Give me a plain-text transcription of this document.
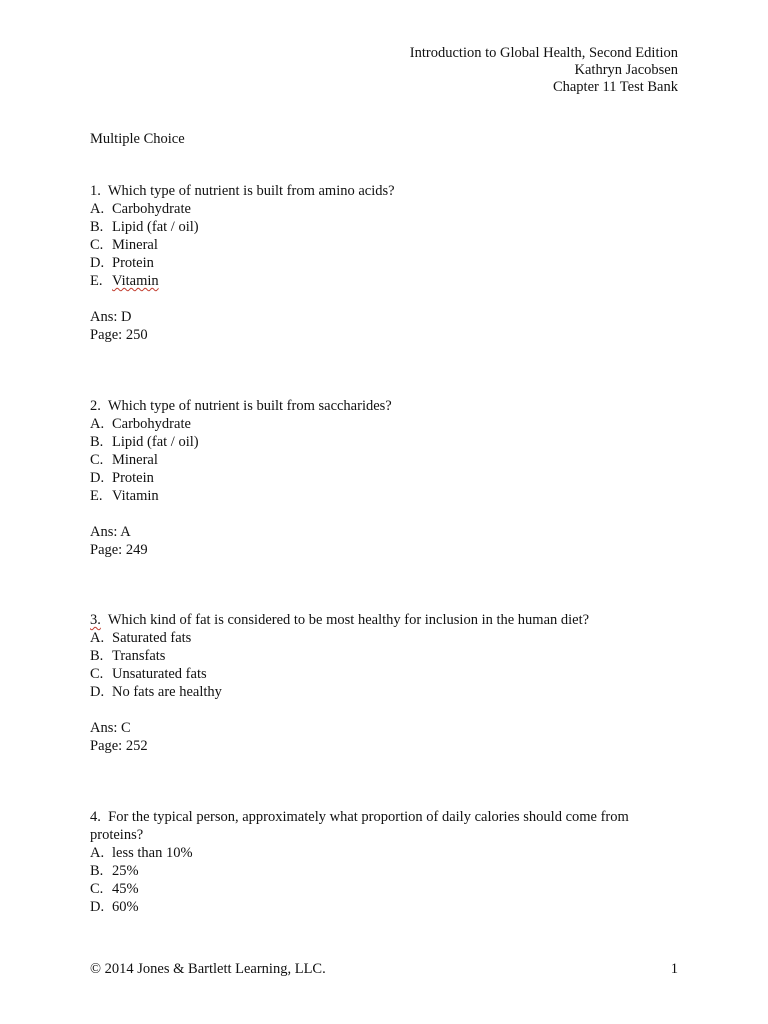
Introduction to Global Health, Second Edition
Kathryn Jacobsen
Chapter 11 Test Bank
Multiple Choice
1. Which type of nutrient is built from amino acids?
A. Carbohydrate
B. Lipid (fat / oil)
C. Mineral
D. Protein
E. Vitamin
Ans: D
Page: 250
2. Which type of nutrient is built from saccharides?
A. Carbohydrate
B. Lipid (fat / oil)
C. Mineral
D. Protein
E. Vitamin
Ans: A
Page: 249
3. Which kind of fat is considered to be most healthy for inclusion in the human diet?
A. Saturated fats
B. Transfats
C. Unsaturated fats
D. No fats are healthy
Ans: C
Page: 252
4. For the typical person, approximately what proportion of daily calories should come from proteins?
A. less than 10%
B. 25%
C. 45%
D. 60%
© 2014 Jones & Bartlett Learning, LLC.	1
